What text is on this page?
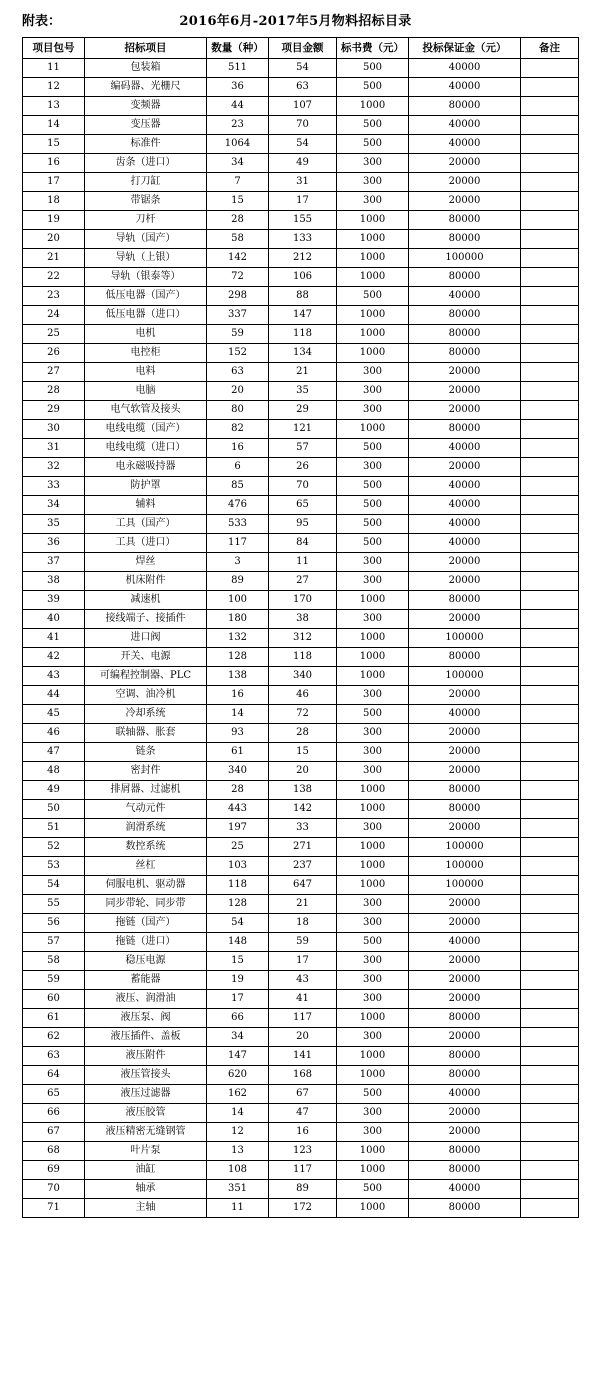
附表：	2016年6月-2017年5月物料招标目录
项目包号	招标项目	数量（种）	项目金额	标书费（元）	投标保证金（元）	备注
11	包装箱	511	54	500	40000	
12	编码器、光栅尺	36	63	500	40000	
13	变频器	44	107	1000	80000	
14	变压器	23	70	500	40000	
15	标准件	1064	54	500	40000	
16	齿条（进口）	34	49	300	20000	
17	打刀缸	7	31	300	20000	
18	带锯条	15	17	300	20000	
19	刀杆	28	155	1000	80000	
20	导轨（国产）	58	133	1000	80000	
21	导轨（上银）	142	212	1000	100000	
22	导轨（银泰等）	72	106	1000	80000	
23	低压电器（国产）	298	88	500	40000	
24	低压电器（进口）	337	147	1000	80000	
25	电机	59	118	1000	80000	
26	电控柜	152	134	1000	80000	
27	电料	63	21	300	20000	
28	电脑	20	35	300	20000	
29	电气软管及接头	80	29	300	20000	
30	电线电缆（国产）	82	121	1000	80000	
31	电线电缆（进口）	16	57	500	40000	
32	电永磁吸持器	6	26	300	20000	
33	防护罩	85	70	500	40000	
34	辅料	476	65	500	40000	
35	工具（国产）	533	95	500	40000	
36	工具（进口）	117	84	500	40000	
37	焊丝	3	11	300	20000	
38	机床附件	89	27	300	20000	
39	减速机	100	170	1000	80000	
40	接线端子、接插件	180	38	300	20000	
41	进口阀	132	312	1000	100000	
42	开关、电源	128	118	1000	80000	
43	可编程控制器、PLC	138	340	1000	100000	
44	空调、油冷机	16	46	300	20000	
45	冷却系统	14	72	500	40000	
46	联轴器、胀套	93	28	300	20000	
47	链条	61	15	300	20000	
48	密封件	340	20	300	20000	
49	排屑器、过滤机	28	138	1000	80000	
50	气动元件	443	142	1000	80000	
51	润滑系统	197	33	300	20000	
52	数控系统	25	271	1000	100000	
53	丝杠	103	237	1000	100000	
54	伺服电机、驱动器	118	647	1000	100000	
55	同步带轮、同步带	128	21	300	20000	
56	拖链（国产）	54	18	300	20000	
57	拖链（进口）	148	59	500	40000	
58	稳压电源	15	17	300	20000	
59	蓄能器	19	43	300	20000	
60	液压、润滑油	17	41	300	20000	
61	液压泵、阀	66	117	1000	80000	
62	液压插件、盖板	34	20	300	20000	
63	液压附件	147	141	1000	80000	
64	液压管接头	620	168	1000	80000	
65	液压过滤器	162	67	500	40000	
66	液压胶管	14	47	300	20000	
67	液压精密无缝钢管	12	16	300	20000	
68	叶片泵	13	123	1000	80000	
69	油缸	108	117	1000	80000	
70	轴承	351	89	500	40000	
71	主轴	11	172	1000	80000	
